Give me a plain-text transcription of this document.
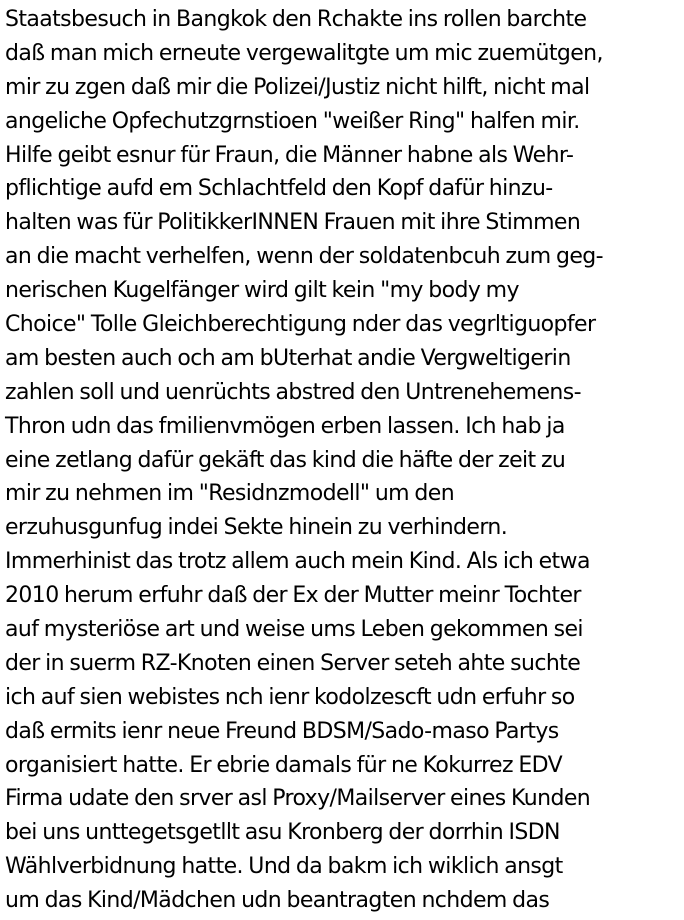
Staatsbesuch in Bangkok den Rchakte ins rollen barchte
daß man mich erneute vergewalitgte um mic zuemütgen,
mir zu zgen daß mir die Polizei/Justiz nicht hilft, nicht mal
angeliche Opfechutzgrnstioen "weißer Ring" halfen mir.
Hilfe geibt esnur für Fraun, die Männer habne als Wehr-
pflichtige aufd em Schlachtfeld den Kopf dafür hinzu-
halten was für PolitikkerINNEN Frauen mit ihre Stimmen
an die macht verhelfen, wenn der soldatenbcuh zum geg-
nerischen Kugelfänger wird gilt kein "my body my
Choice" Tolle Gleichberechtigung nder das vegrltiguopfer
am besten auch och am bUterhat andie Vergweltigerin
zahlen soll und uenrüchts abstred den Untrenehemens-
Thron udn das fmilienvmögen erben lassen. Ich hab ja
eine zetlang dafür gekäft das kind die häfte der zeit zu
mir zu nehmen im "Residnzmodell" um den
erzuhusgunfug indei Sekte hinein zu verhindern.
Immerhinist das trotz allem auch mein Kind. Als ich etwa
2010 herum erfuhr daß der Ex der Mutter meinr Tochter
auf mysteriöse art und weise ums Leben gekommen sei
der in suerm RZ-Knoten einen Server seteh ahte suchte
ich auf sien webistes nch ienr kodolzescft udn erfuhr so
daß ermits ienr neue Freund BDSM/Sado-maso Partys
organisiert hatte. Er ebrie damals für ne Kokurrez EDV
Firma udate den srver asl Proxy/Mailserver eines Kunden
bei uns unttegetsgetllt asu Kronberg der dorrhin ISDN
Wählverbidnung hatte. Und da bakm ich wiklich ansgt
um das Kind/Mädchen udn beantragten nchdem das
